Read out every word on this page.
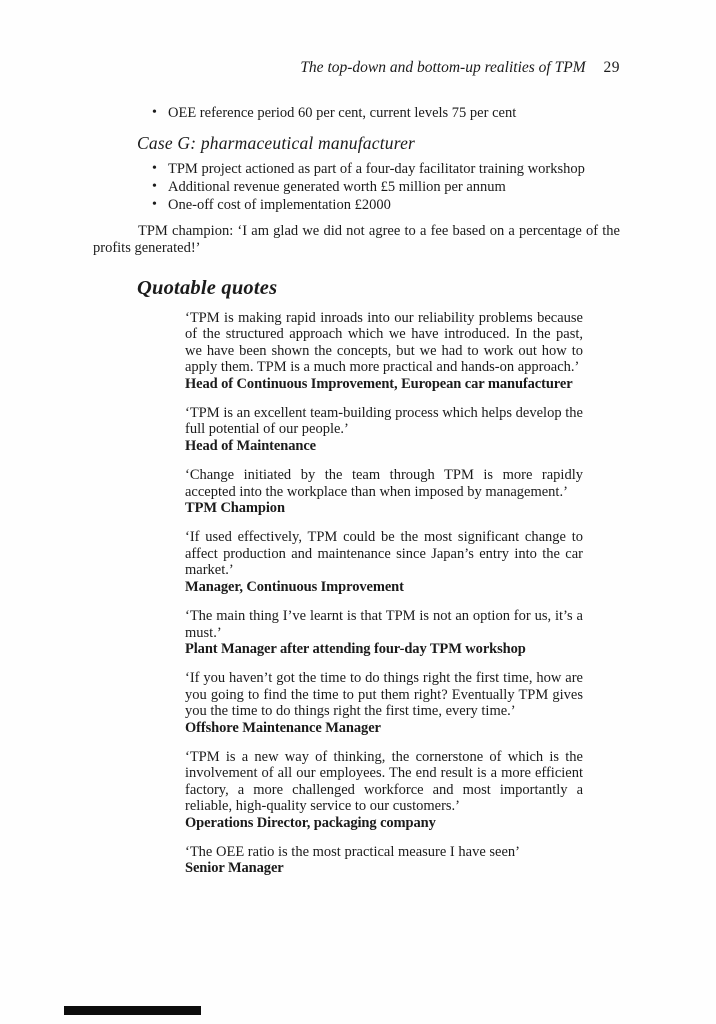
The top-down and bottom-up realities of TPM 29
• OEE reference period 60 per cent, current levels 75 per cent
Case G: pharmaceutical manufacturer
• TPM project actioned as part of a four-day facilitator training workshop
• Additional revenue generated worth £5 million per annum
• One-off cost of implementation £2000

TPM champion: ‘I am glad we did not agree to a fee based on a percentage of the profits generated!’

Quotable quotes

‘TPM is making rapid inroads into our reliability problems because of the structured approach which we have introduced. In the past, we have been shown the concepts, but we had to work out how to apply them. TPM is a much more practical and hands-on approach.’

Head of Continuous Improvement, European car manufacturer

‘TPM is an excellent team-building process which helps develop the full potential of our people.’

Head of Maintenance

‘Change initiated by the team through TPM is more rapidly accepted into the workplace than when imposed by management.’

TPM Champion

‘If used effectively, TPM could be the most significant change to affect production and maintenance since Japan’s entry into the car market.’

Manager, Continuous Improvement

‘The main thing I’ve learnt is that TPM is not an option for us, it’s a must.’

Plant Manager after attending four-day TPM workshop

‘If you haven’t got the time to do things right the first time, how are you going to find the time to put them right? Eventually TPM gives you the time to do things right the first time, every time.’

Offshore Maintenance Manager

‘TPM is a new way of thinking, the cornerstone of which is the involvement of all our employees. The end result is a more efficient factory, a more challenged workforce and most importantly a reliable, high-quality service to our customers.’

Operations Director, packaging company

‘The OEE ratio is the most practical measure I have seen’

Senior Manager
